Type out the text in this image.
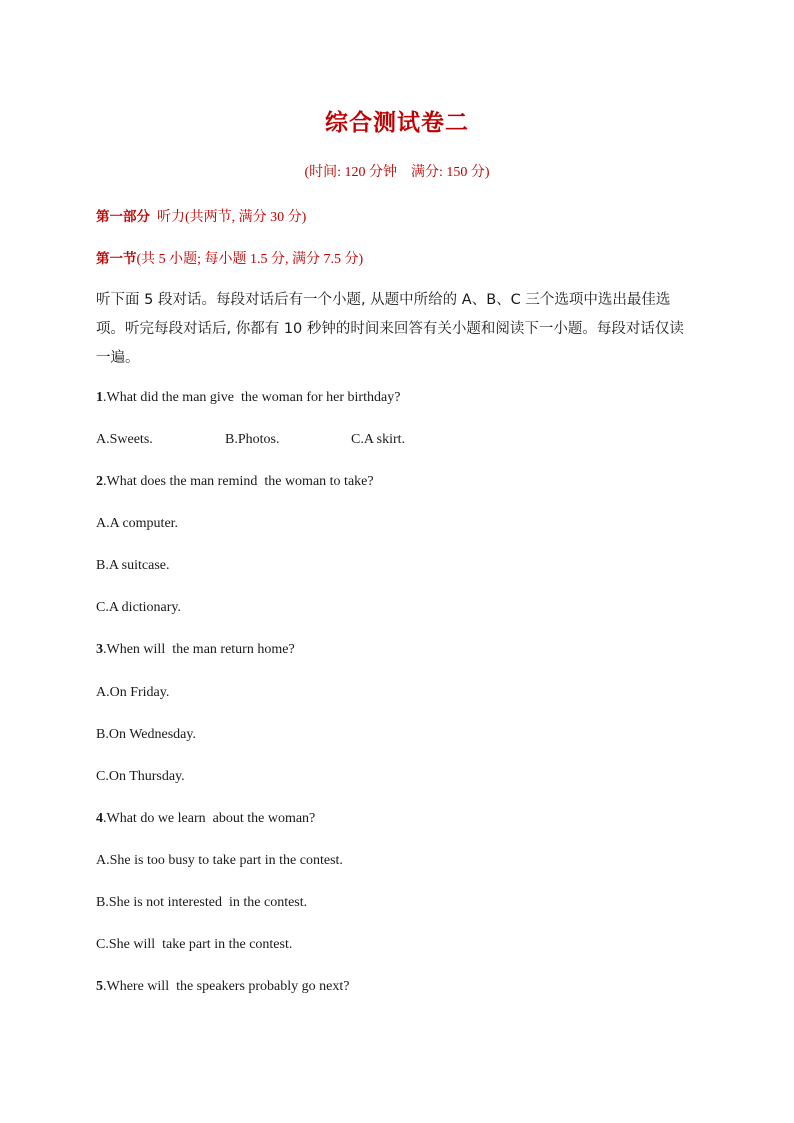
综合测试卷二
(时间: 120 分钟　满分: 150 分)
第一部分 听力(共两节, 满分 30 分)
第一节(共 5 小题; 每小题 1.5 分, 满分 7.5 分)
听下面 5 段对话。每段对话后有一个小题, 从题中所给的 A、B、C 三个选项中选出最佳选项。听完每段对话后, 你都有 10 秒钟的时间来回答有关小题和阅读下一小题。每段对话仅读一遍。
1.What did the man give  the woman for her birthday?
A.Sweets.	B.Photos.	C.A skirt.
2.What does the man remind  the woman to take?
A.A computer.
B.A suitcase.
C.A dictionary.
3.When will  the man return home?
A.On Friday.
B.On Wednesday.
C.On Thursday.
4.What do we learn  about the woman?
A.She is too busy to take part in the contest.
B.She is not interested  in the contest.
C.She will  take part in the contest.
5.Where will  the speakers probably go next?
